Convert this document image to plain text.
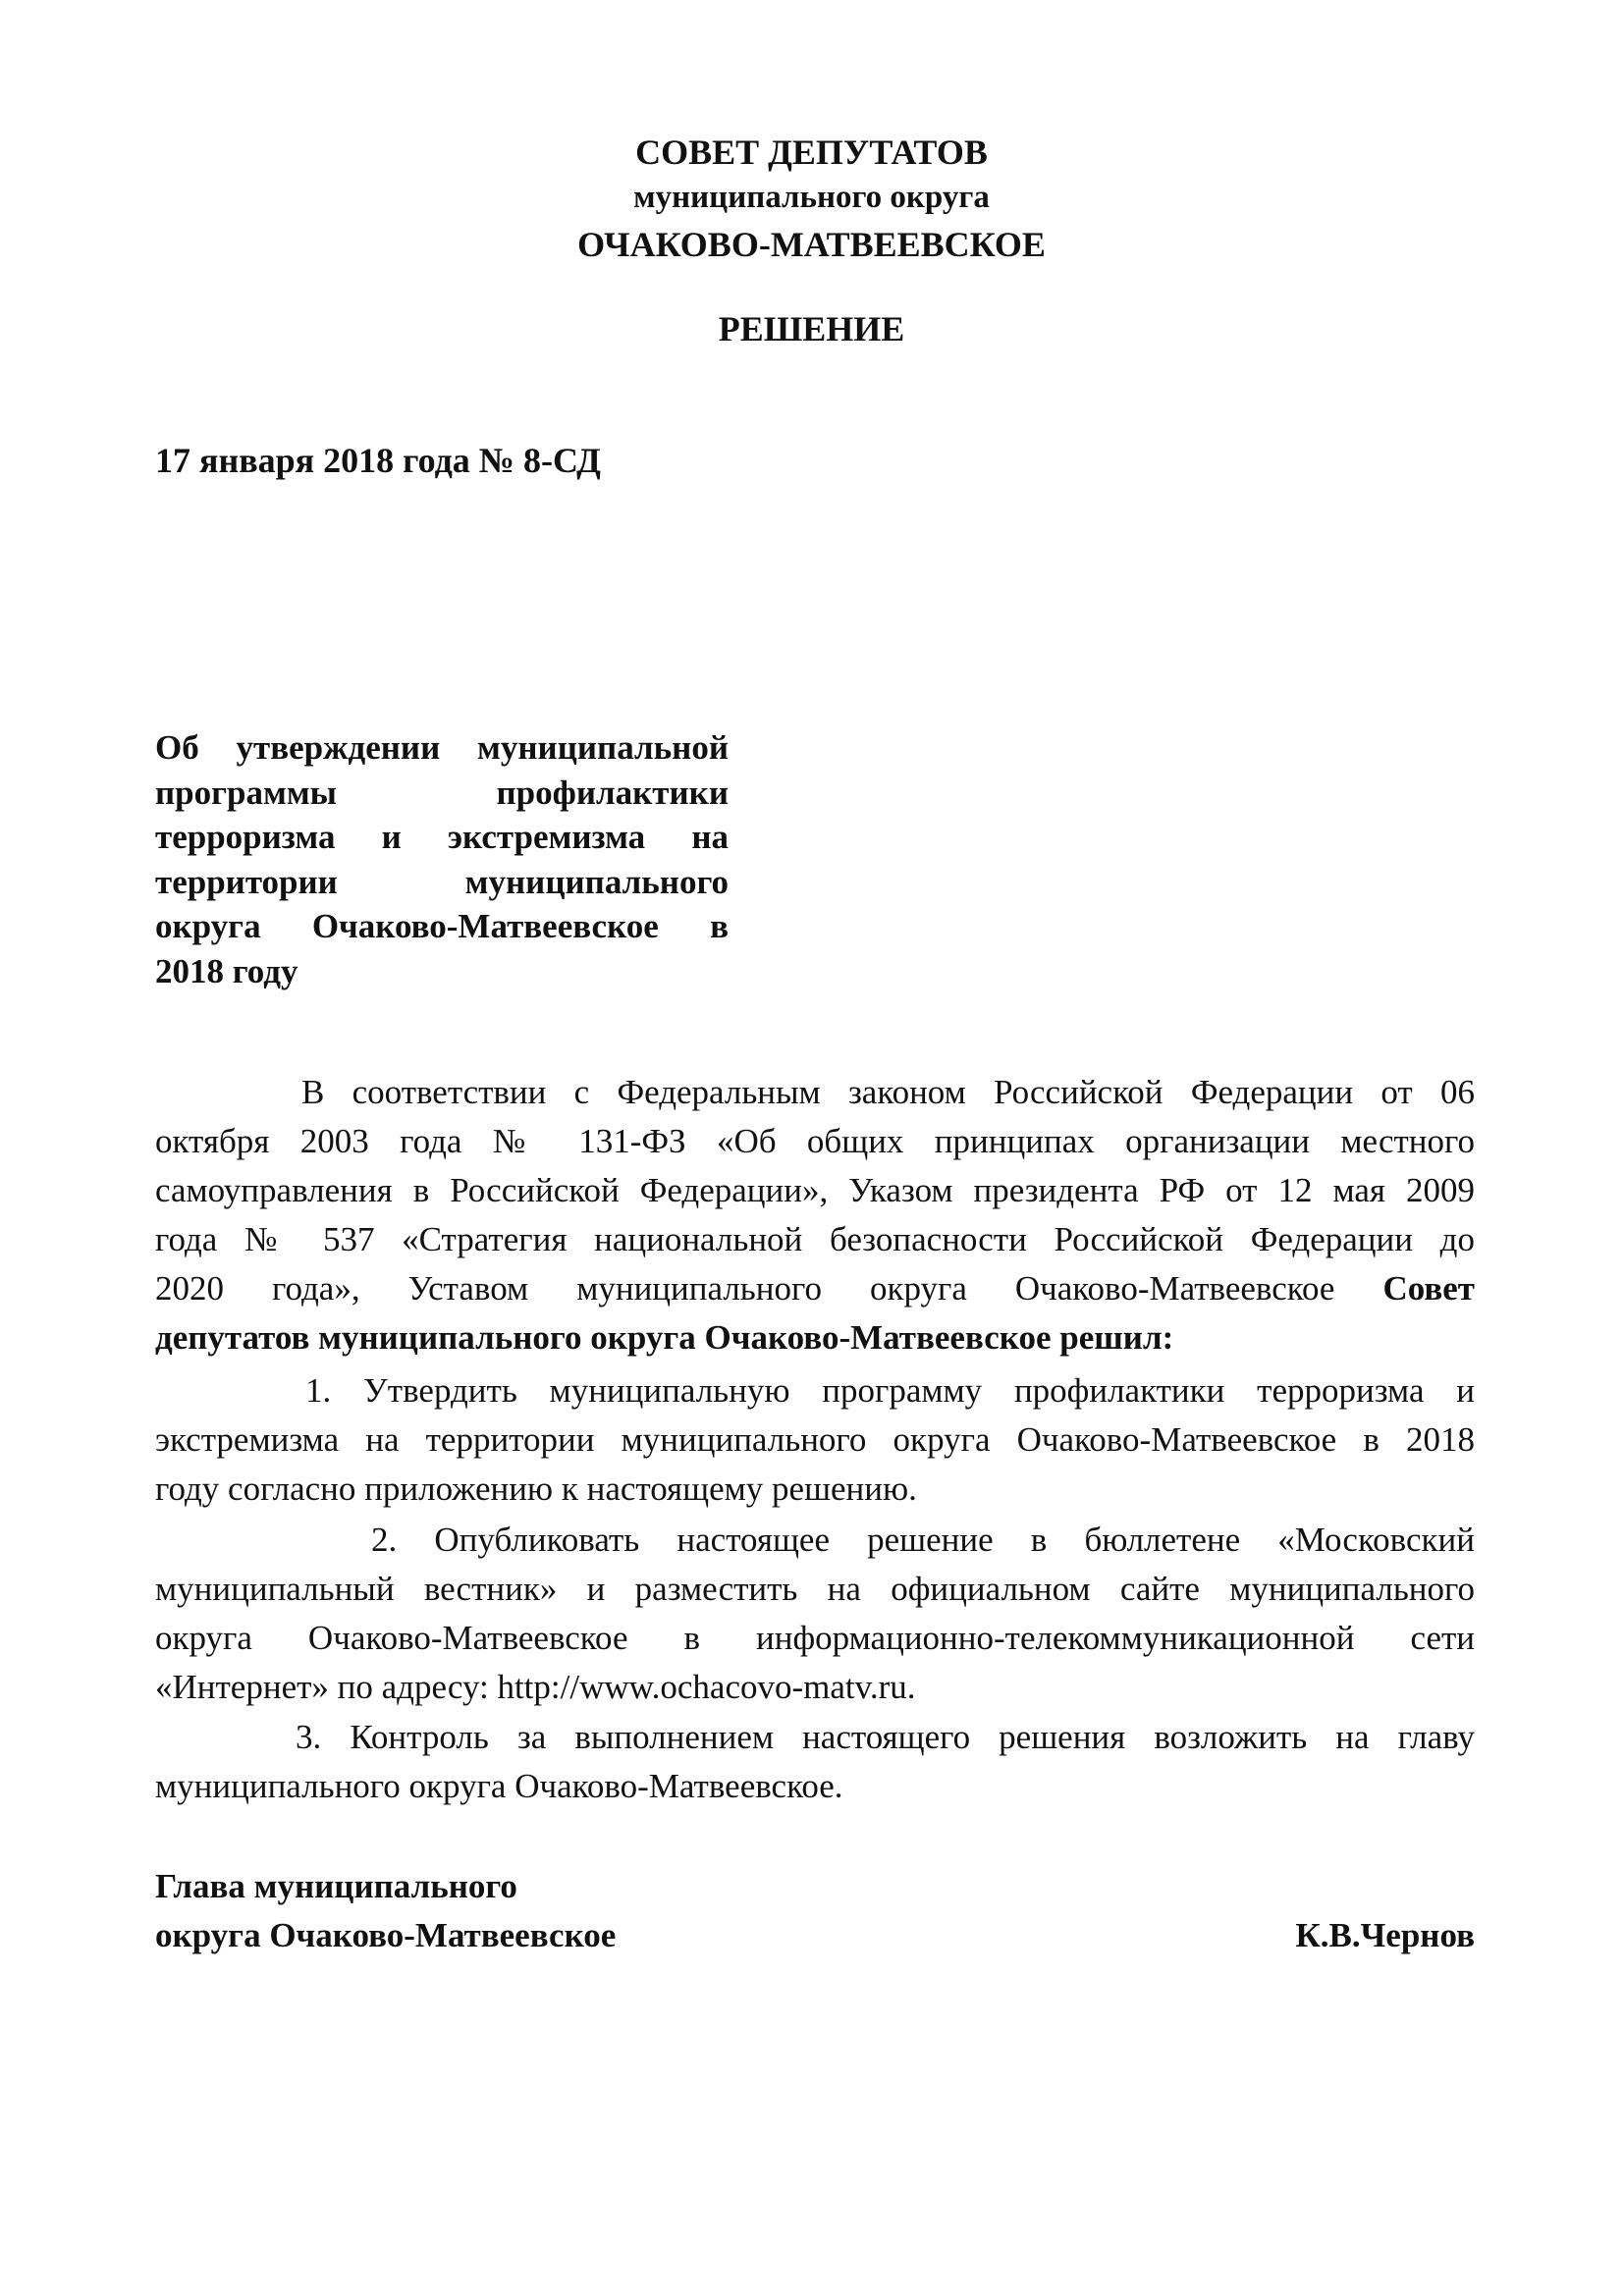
СОВЕТ ДЕПУТАТОВ
муниципального округа
ОЧАКОВО-МАТВЕЕВСКОЕ
РЕШЕНИЕ
17 января 2018 года № 8-СД
Об утверждении муниципальной
программы профилактики
терроризма и экстремизма на
территории муниципального
округа Очаково-Матвеевское в
2018 году
В соответствии с Федеральным законом Российской Федерации от 06
октября 2003 года № 131-ФЗ «Об общих принципах организации местного
самоуправления в Российской Федерации», Указом президента РФ от 12 мая 2009
года № 537 «Стратегия национальной безопасности Российской Федерации до
2020 года», Уставом муниципального округа Очаково-Матвеевское Совет
депутатов муниципального округа Очаково-Матвеевское решил:
1. Утвердить муниципальную программу профилактики терроризма и
экстремизма на территории муниципального округа Очаково-Матвеевское в 2018
году согласно приложению к настоящему решению.
2. Опубликовать настоящее решение в бюллетене «Московский
муниципальный вестник» и разместить на официальном сайте муниципального
округа Очаково-Матвеевское в информационно-телекоммуникационной сети
«Интернет» по адресу: http://www.ochacovo-matv.ru.
3. Контроль за выполнением настоящего решения возложить на главу
муниципального округа Очаково-Матвеевское.
Глава муниципального
округа Очаково-Матвеевское	К.В.Чернов
